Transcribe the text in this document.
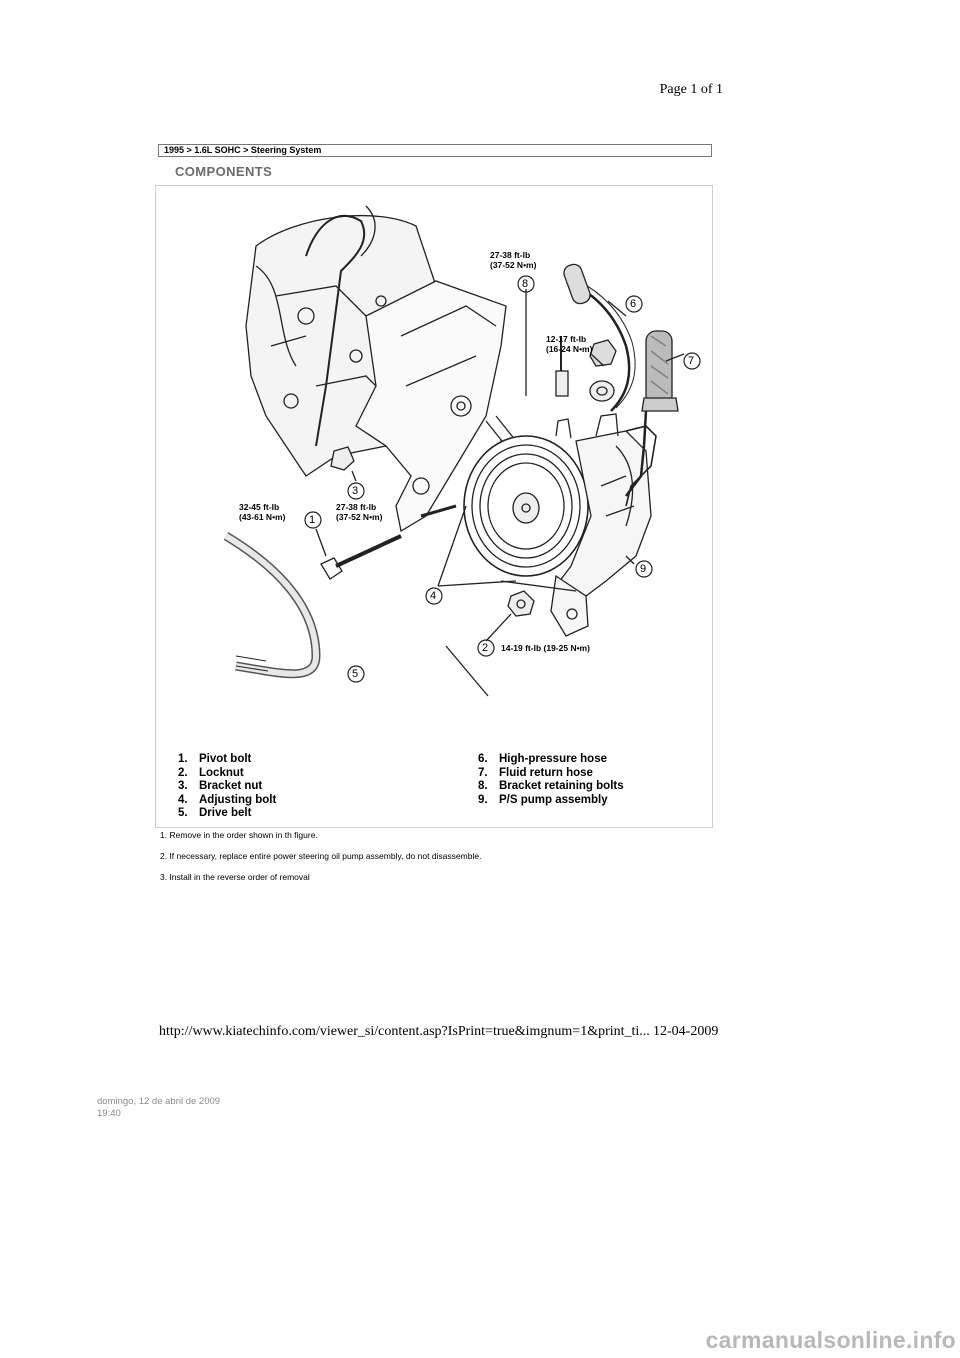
Page 1 of 1
1995 > 1.6L SOHC > Steering System
COMPONENTS
8
6
7
3
1
4
2
5
9
27-38 ft-lb
(37-52 N•m)
12-17 ft-lb
(16-24 N•m)
32-45 ft-lb
(43-61 N•m)
27-38 ft-lb
(37-52 N•m)
14-19 ft-lb (19-25 N•m)
1. Pivot bolt
2. Locknut
3. Bracket nut
4. Adjusting bolt
5. Drive belt
6. High-pressure hose
7. Fluid return hose
8. Bracket retaining bolts
9. P/S pump assembly
1. Remove in the order shown in th figure.
2. If necessary, replace entire power steering oil pump assembly, do not disassemble.
3. Install in the reverse order of removal
http://www.kiatechinfo.com/viewer_si/content.asp?IsPrint=true&imgnum=1&print_ti... 12-04-2009
domingo, 12 de abril de 2009
19:40
carmanualsonline.info
